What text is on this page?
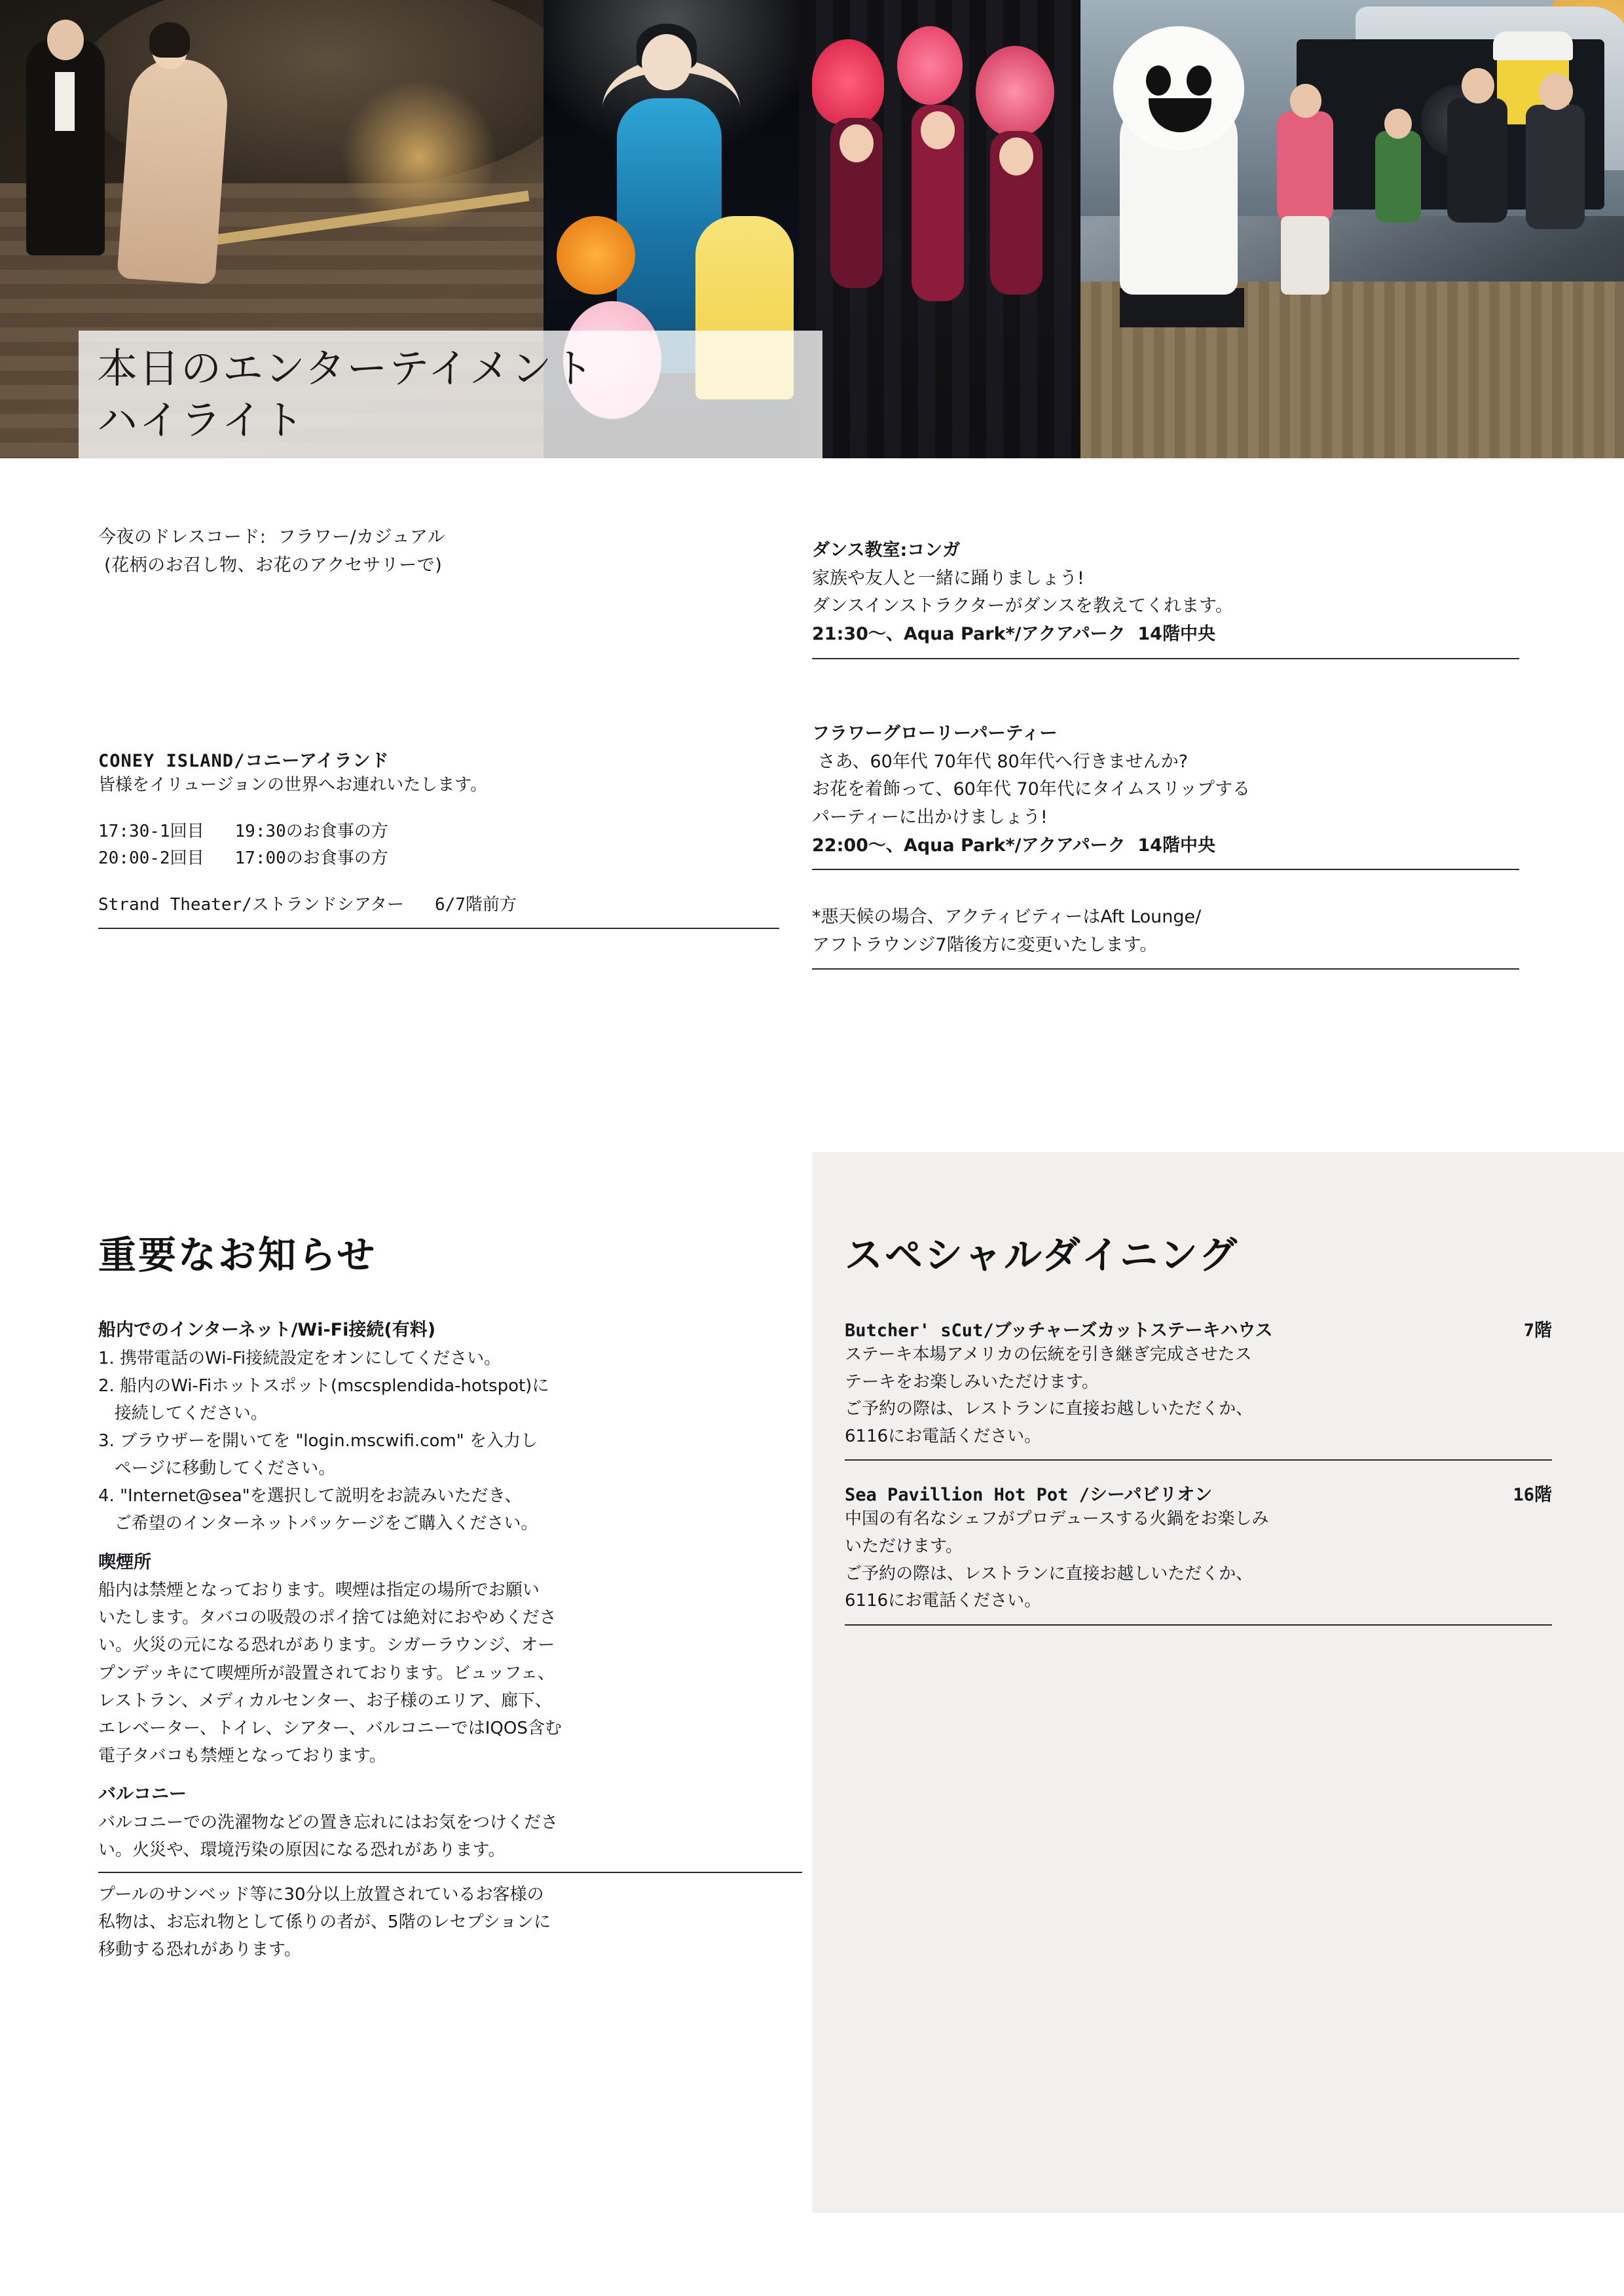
本日のエンターテイメント
ハイライト
今夜のドレスコード:  フラワー/カジュアル
(花柄のお召し物、お花のアクセサリーで)
CONEY ISLAND/コニーアイランド
皆様をイリュージョンの世界へお連れいたします。
17:30-1回目   19:30のお食事の方
20:00-2回目   17:00のお食事の方
Strand Theater/ストランドシアター   6/7階前方
ダンス教室:コンガ
家族や友人と一緒に踊りましょう!
ダンスインストラクターがダンスを教えてくれます。
21:30〜、Aqua Park*/アクアパーク  14階中央
フラワーグローリーパーティー
さあ、60年代 70年代 80年代へ行きませんか?
お花を着飾って、60年代 70年代にタイムスリップする
パーティーに出かけましょう!
22:00〜、Aqua Park*/アクアパーク  14階中央
*悪天候の場合、アクティビティーはAft Lounge/
アフトラウンジ7階後方に変更いたします。
重要なお知らせ
船内でのインターネット/Wi-Fi接続(有料)
1. 携帯電話のWi-Fi接続設定をオンにしてください。
2. 船内のWi-Fiホットスポット(mscsplendida-hotspot)に
接続してください。
3. ブラウザーを開いてを "login.mscwifi.com" を入力し
ページに移動してください。
4. "Internet@sea"を選択して説明をお読みいただき、
ご希望のインターネットパッケージをご購入ください。
喫煙所
船内は禁煙となっております。喫煙は指定の場所でお願い
いたします。タバコの吸殻のポイ捨ては絶対におやめくださ
い。火災の元になる恐れがあります。シガーラウンジ、オー
プンデッキにて喫煙所が設置されております。ビュッフェ、
レストラン、メディカルセンター、お子様のエリア、廊下、
エレベーター、トイレ、シアター、バルコニーではIQOS含む
電子タバコも禁煙となっております。
バルコニー
バルコニーでの洗濯物などの置き忘れにはお気をつけくださ
い。火災や、環境汚染の原因になる恐れがあります。
プールのサンベッド等に30分以上放置されているお客様の
私物は、お忘れ物として係りの者が、5階のレセプションに
移動する恐れがあります。
スペシャルダイニング
Butcher' sCut/ブッチャーズカットステーキハウス	7階
ステーキ本場アメリカの伝統を引き継ぎ完成させたス
テーキをお楽しみいただけます。
ご予約の際は、レストランに直接お越しいただくか、
6116にお電話ください。
Sea Pavillion Hot Pot /シーパビリオン	16階
中国の有名なシェフがプロデュースする火鍋をお楽しみ
いただけます。
ご予約の際は、レストランに直接お越しいただくか、
6116にお電話ください。
